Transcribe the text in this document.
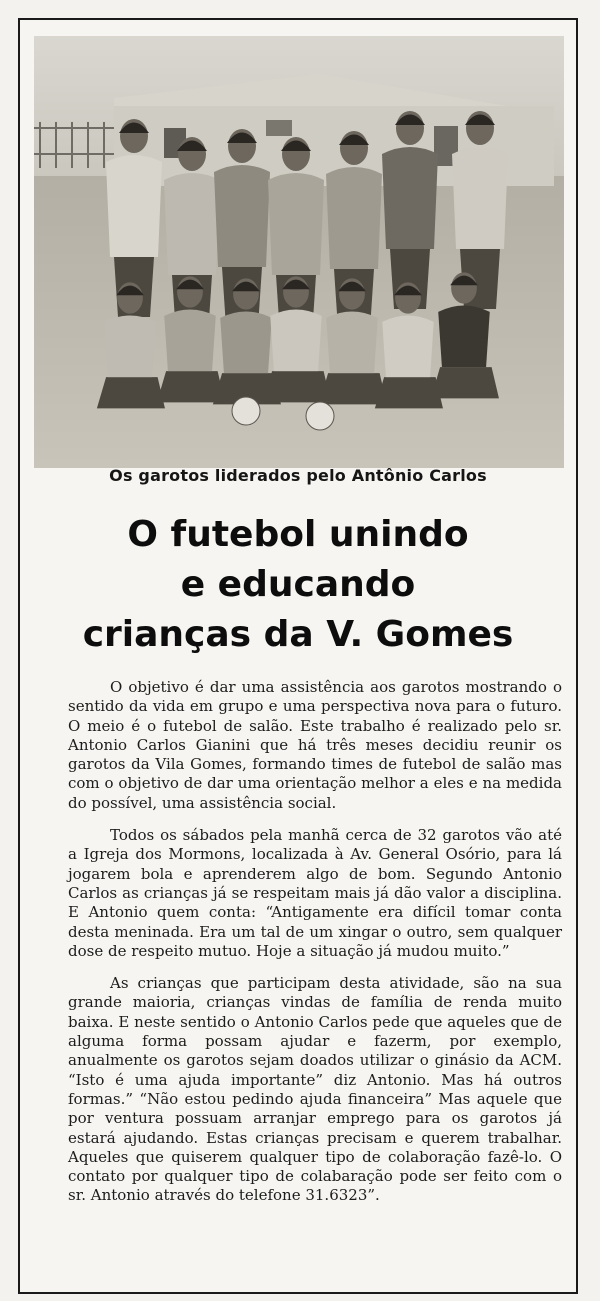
Os garotos liderados pelo Antônio Carlos
O futebol unindo
e educando
crianças da V. Gomes

O objetivo é dar uma assistência aos garotos mostrando o sentido da vida em grupo e uma perspectiva nova para o futuro. O meio é o futebol de salão. Este trabalho é realizado pelo sr. Antonio Carlos Gianini que há três meses decidiu reunir os garotos da Vila Gomes, formando times de futebol de salão mas com o objetivo de dar uma orientação melhor a eles e na medida do possível, uma assistência social.

Todos os sábados pela manhã cerca de 32 garotos vão até a Igreja dos Mormons, localizada à Av. General Osório, para lá jogarem bola e aprenderem algo de bom. Segundo Antonio Carlos as crianças já se respeitam mais já dão valor a disciplina. E Antonio quem conta: “Antigamente era difícil tomar conta desta meninada. Era um tal de um xingar o outro, sem qualquer dose de respeito mutuo. Hoje a situação já mudou muito.”

As crianças que participam desta atividade, são na sua grande maioria, crianças vindas de família de renda muito baixa. E neste sentido o Antonio Carlos pede que aqueles que de alguma forma possam ajudar e fazerm, por exemplo, anualmente os garotos sejam doados utilizar o ginásio da ACM. “Isto é uma ajuda importante” diz Antonio. Mas há outros formas.” “Não estou pedindo ajuda financeira” Mas aquele que por ventura possuam arranjar emprego para os garotos já estará ajudando. Estas crianças precisam e querem trabalhar. Aqueles que quiserem qualquer tipo de colaboração fazê-lo. O contato por qualquer tipo de colabaração pode ser feito com o sr. Antonio através do telefone 31.6323”.
